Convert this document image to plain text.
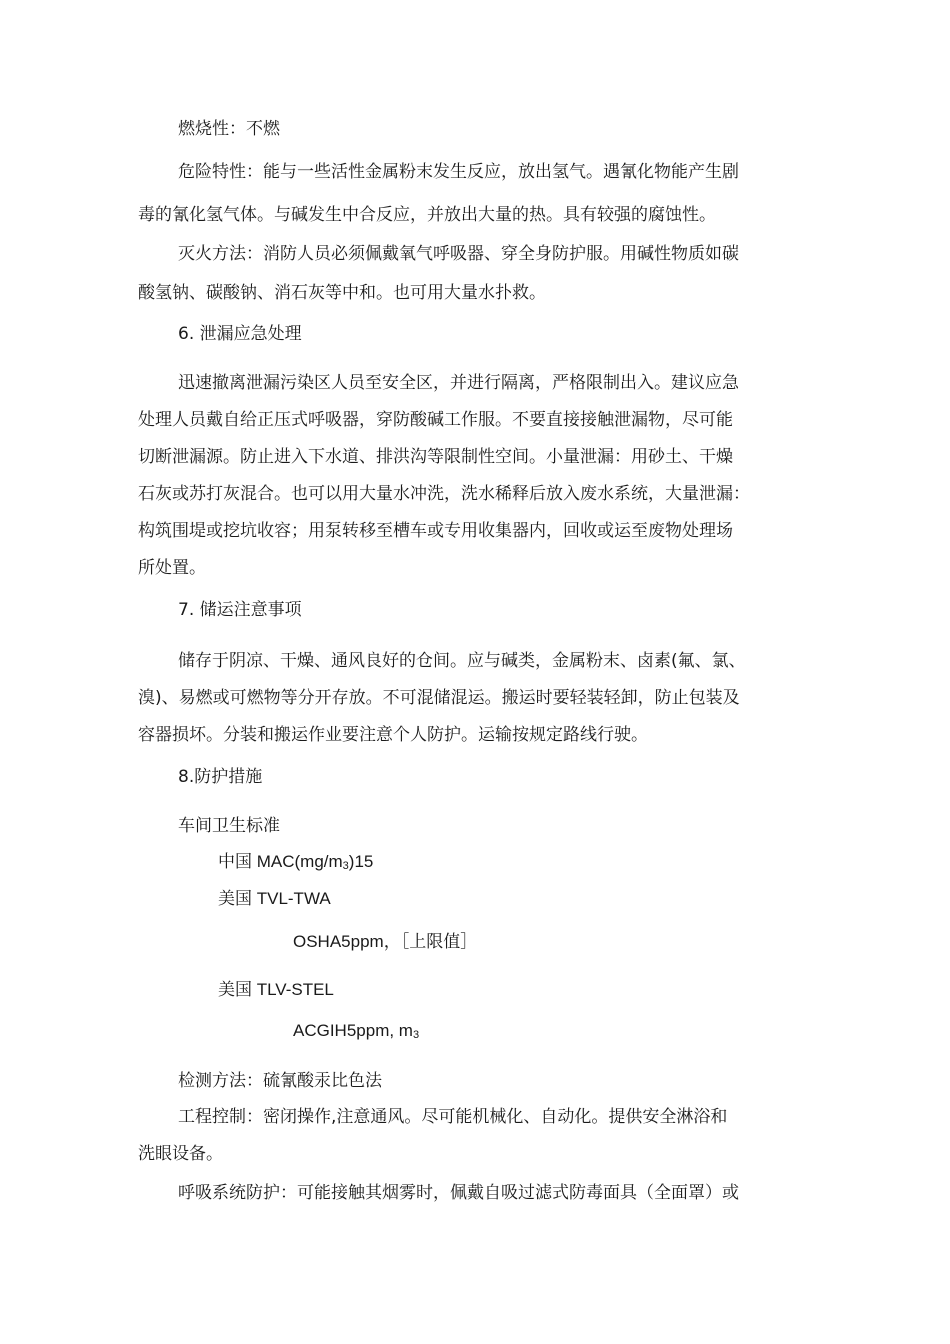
燃烧性：不燃
危险特性：能与一些活性金属粉末发生反应，放出氢气。遇氰化物能产生剧
毒的氰化氢气体。与碱发生中合反应，并放出大量的热。具有较强的腐蚀性。
灭火方法：消防人员必须佩戴氧气呼吸器、穿全身防护服。用碱性物质如碳
酸氢钠、碳酸钠、消石灰等中和。也可用大量水扑救。
6. 泄漏应急处理
迅速撤离泄漏污染区人员至安全区，并进行隔离，严格限制出入。建议应急
处理人员戴自给正压式呼吸器，穿防酸碱工作服。不要直接接触泄漏物，尽可能
切断泄漏源。防止进入下水道、排洪沟等限制性空间。小量泄漏：用砂土、干燥
石灰或苏打灰混合。也可以用大量水冲洗，洗水稀释后放入废水系统，大量泄漏：
构筑围堤或挖坑收容；用泵转移至槽车或专用收集器内，回收或运至废物处理场
所处置。
7. 储运注意事项
储存于阴凉、干燥、通风良好的仓间。应与碱类，金属粉末、卤素(氟、氯、
溴)、易燃或可燃物等分开存放。不可混储混运。搬运时要轻装轻卸，防止包装及
容器损坏。分装和搬运作业要注意个人防护。运输按规定路线行驶。
8.防护措施
车间卫生标准
中国 MAC(mg/m3)15
美国 TVL-TWA
OSHA5ppm，［上限值］
美国 TLV-STEL
ACGIH5ppm, m3
检测方法：硫氰酸汞比色法
工程控制：密闭操作,注意通风。尽可能机械化、自动化。提供安全淋浴和
洗眼设备。
呼吸系统防护：可能接触其烟雾时，佩戴自吸过滤式防毒面具（全面罩）或
